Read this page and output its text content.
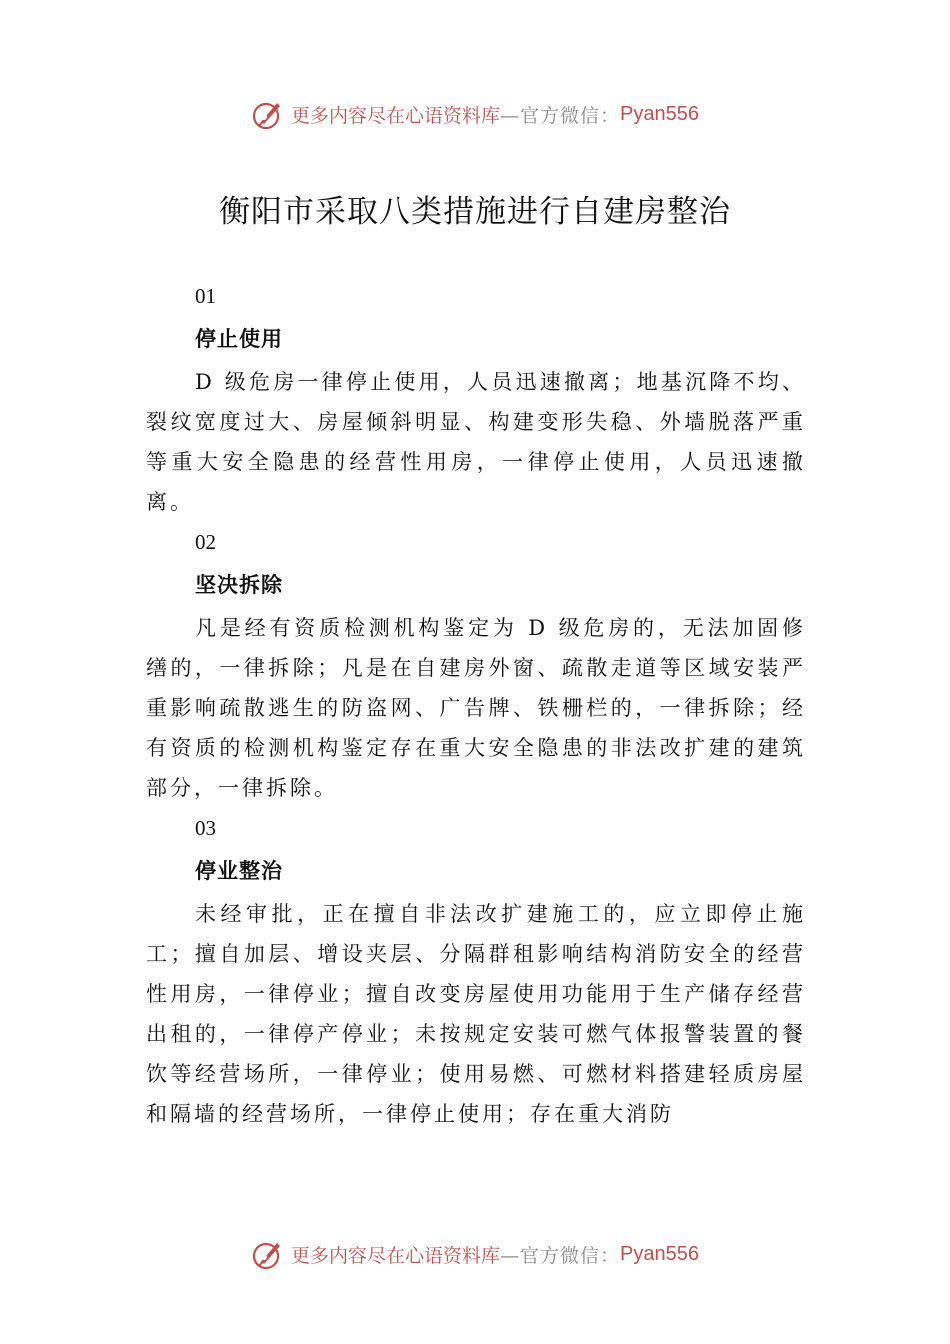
更多内容尽在心语资料库 —官方微信： Pyan556
衡阳市采取八类措施进行自建房整治
01
停止使用

D 级危房一律停止使用，人员迅速撤离；地基沉降不均、裂纹宽度过大、房屋倾斜明显、构建变形失稳、外墙脱落严重等重大安全隐患的经营性用房，一律停止使用，人员迅速撤离。

02
坚决拆除

凡是经有资质检测机构鉴定为 D 级危房的，无法加固修缮的，一律拆除；凡是在自建房外窗、疏散走道等区域安装严重影响疏散逃生的防盗网、广告牌、铁栅栏的，一律拆除；经有资质的检测机构鉴定存在重大安全隐患的非法改扩建的建筑部分，一律拆除。

03
停业整治

未经审批，正在擅自非法改扩建施工的，应立即停止施工；擅自加层、增设夹层、分隔群租影响结构消防安全的经营性用房，一律停业；擅自改变房屋使用功能用于生产储存经营出租的，一律停产停业；未按规定安装可燃气体报警装置的餐饮等经营场所，一律停业；使用易燃、可燃材料搭建轻质房屋和隔墙的经营场所，一律停止使用；存在重大消防

更多内容尽在心语资料库 —官方微信： Pyan556
